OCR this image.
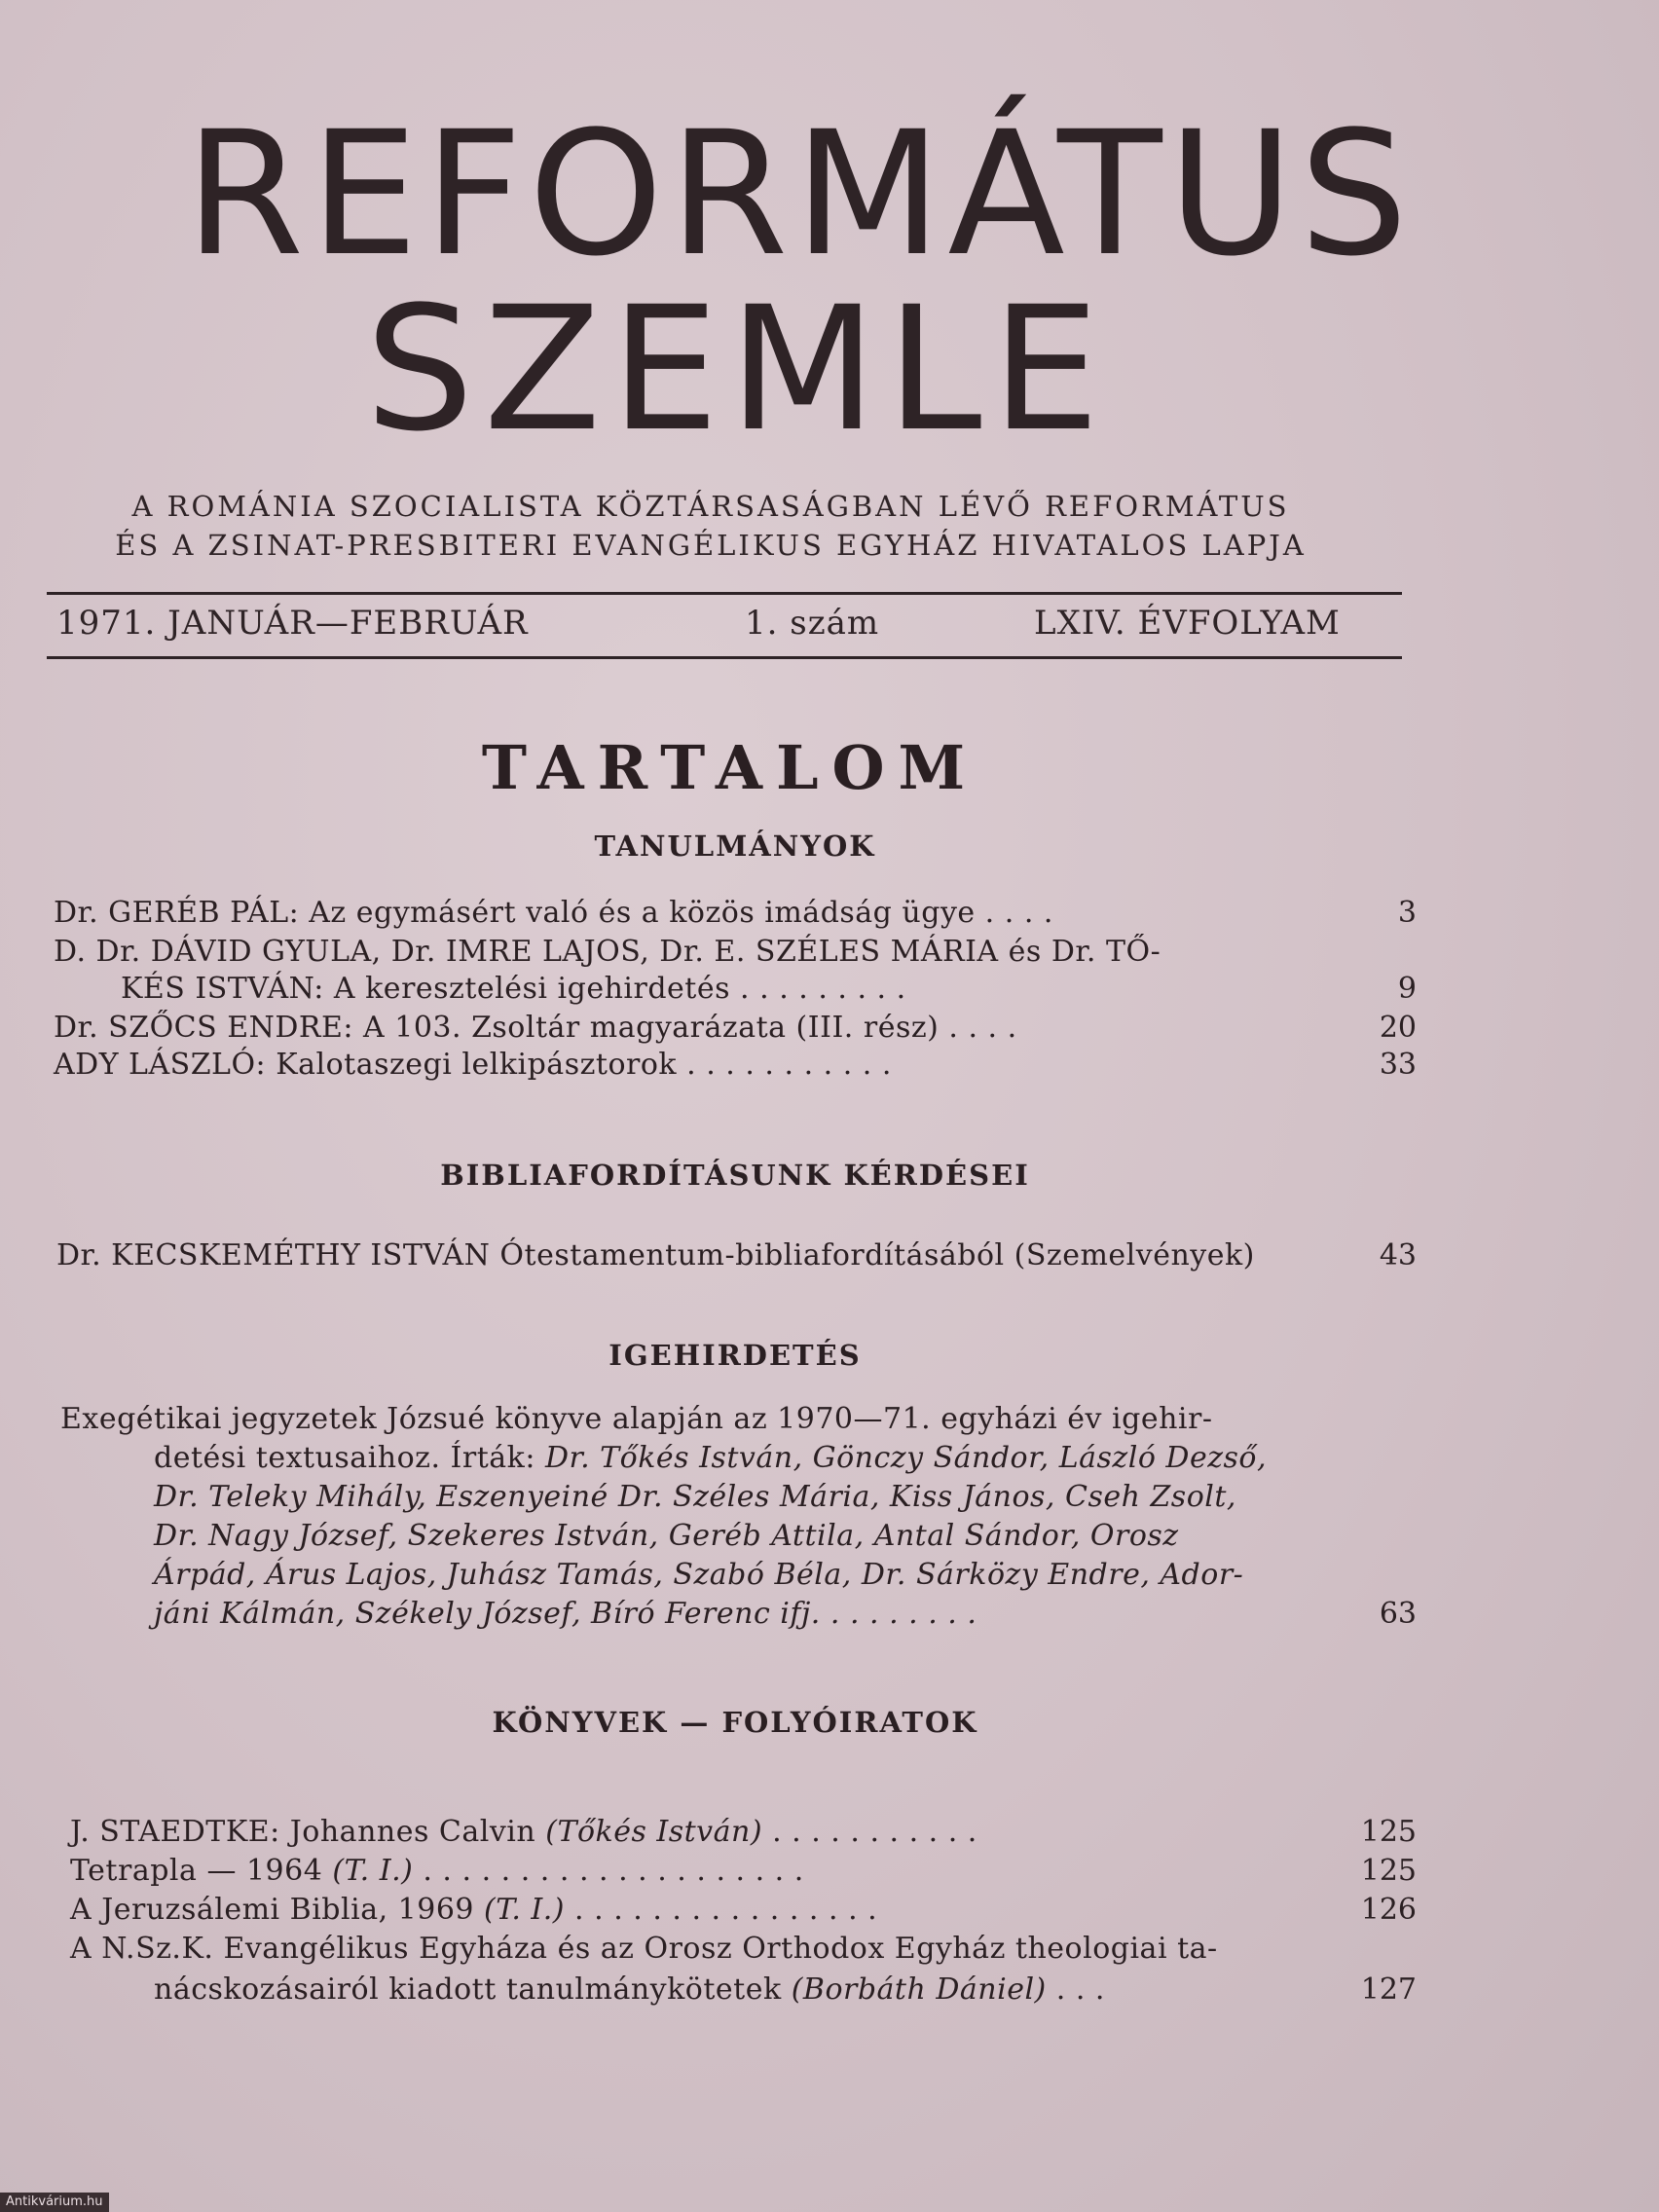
REFORMÁTUS
SZEMLE
A ROMÁNIA SZOCIALISTA KÖZTÁRSASÁGBAN LÉVŐ REFORMÁTUS
ÉS A ZSINAT-PRESBITERI EVANGÉLIKUS EGYHÁZ HIVATALOS LAPJA
1971. JANUÁR—FEBRUÁR	1. szám	LXIV. ÉVFOLYAM
TARTALOM
TANULMÁNYOK
Dr. GERÉB PÁL: Az egymásért való és a közös imádság ügye . . . .	3
D. Dr. DÁVID GYULA, Dr. IMRE LAJOS, Dr. E. SZÉLES MÁRIA és Dr. TŐ-
KÉS ISTVÁN: A keresztelési igehirdetés . . . . . . . . .	9
Dr. SZŐCS ENDRE: A 103. Zsoltár magyarázata (III. rész) . . . .	20
ADY LÁSZLÓ: Kalotaszegi lelkipásztorok . . . . . . . . . . .	33
BIBLIAFORDÍTÁSUNK KÉRDÉSEI
Dr. KECSKEMÉTHY ISTVÁN Ótestamentum-bibliafordításából (Szemelvények)	43
IGEHIRDETÉS
Exegétikai jegyzetek Józsué könyve alapján az 1970—71. egyházi év igehir-
detési textusaihoz. Írták: Dr. Tőkés István, Gönczy Sándor, László Dezső,
Dr. Teleky Mihály, Eszenyeiné Dr. Széles Mária, Kiss János, Cseh Zsolt,
Dr. Nagy József, Szekeres István, Geréb Attila, Antal Sándor, Orosz
Árpád, Árus Lajos, Juhász Tamás, Szabó Béla, Dr. Sárközy Endre, Ador-
jáni Kálmán, Székely József, Bíró Ferenc ifj. . . . . . . . .	63
KÖNYVEK — FOLYÓIRATOK
J. STAEDTKE: Johannes Calvin (Tőkés István) . . . . . . . . . . .	125
Tetrapla — 1964 (T. I.) . . . . . . . . . . . . . . . . . . . .	125
A Jeruzsálemi Biblia, 1969 (T. I.) . . . . . . . . . . . . . . . .	126
A N.Sz.K. Evangélikus Egyháza és az Orosz Orthodox Egyház theologiai ta-
nácskozásairól kiadott tanulmánykötetek (Borbáth Dániel) . . .	127
Antikvárium.hu
